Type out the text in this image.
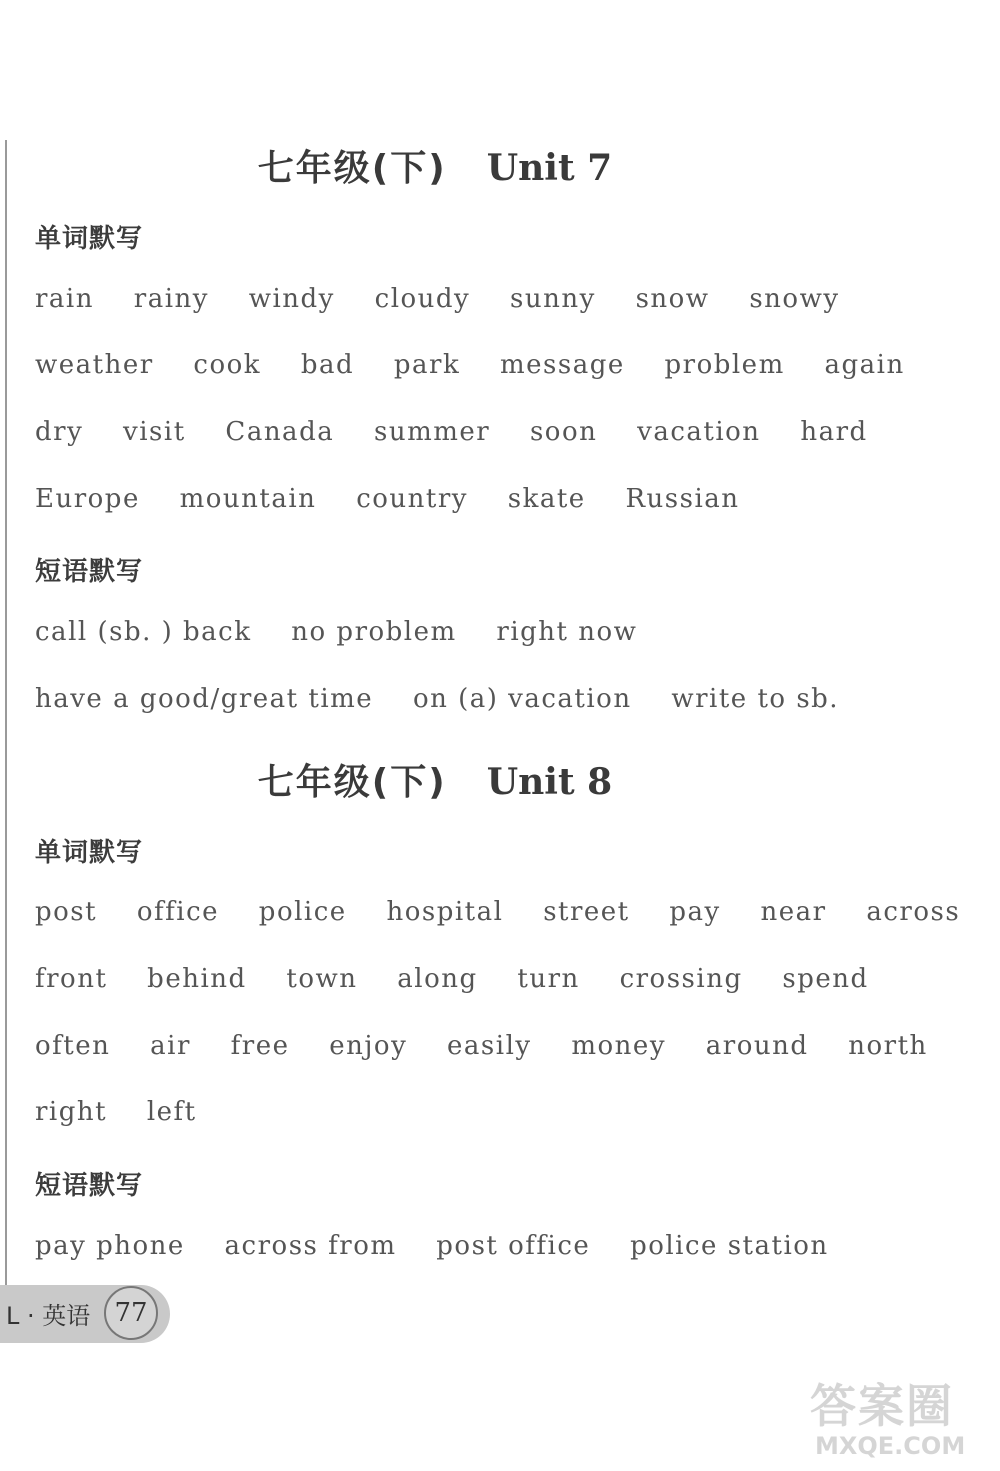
七年级(下) Unit 7
单词默写
rain rainy windy cloudy sunny snow snowy
weather cook bad park message problem again
dry visit Canada summer soon vacation hard
Europe mountain country skate Russian
短语默写
call (sb. ) back no problem right now
have a good/great time on (a) vacation write to sb.
七年级(下) Unit 8
单词默写
post office police hospital street pay near across
front behind town along turn crossing spend
often air free enjoy easily money around north
right left
短语默写
pay phone across from post office police station
L · 英语 77
答案圈
MXQE.COM
